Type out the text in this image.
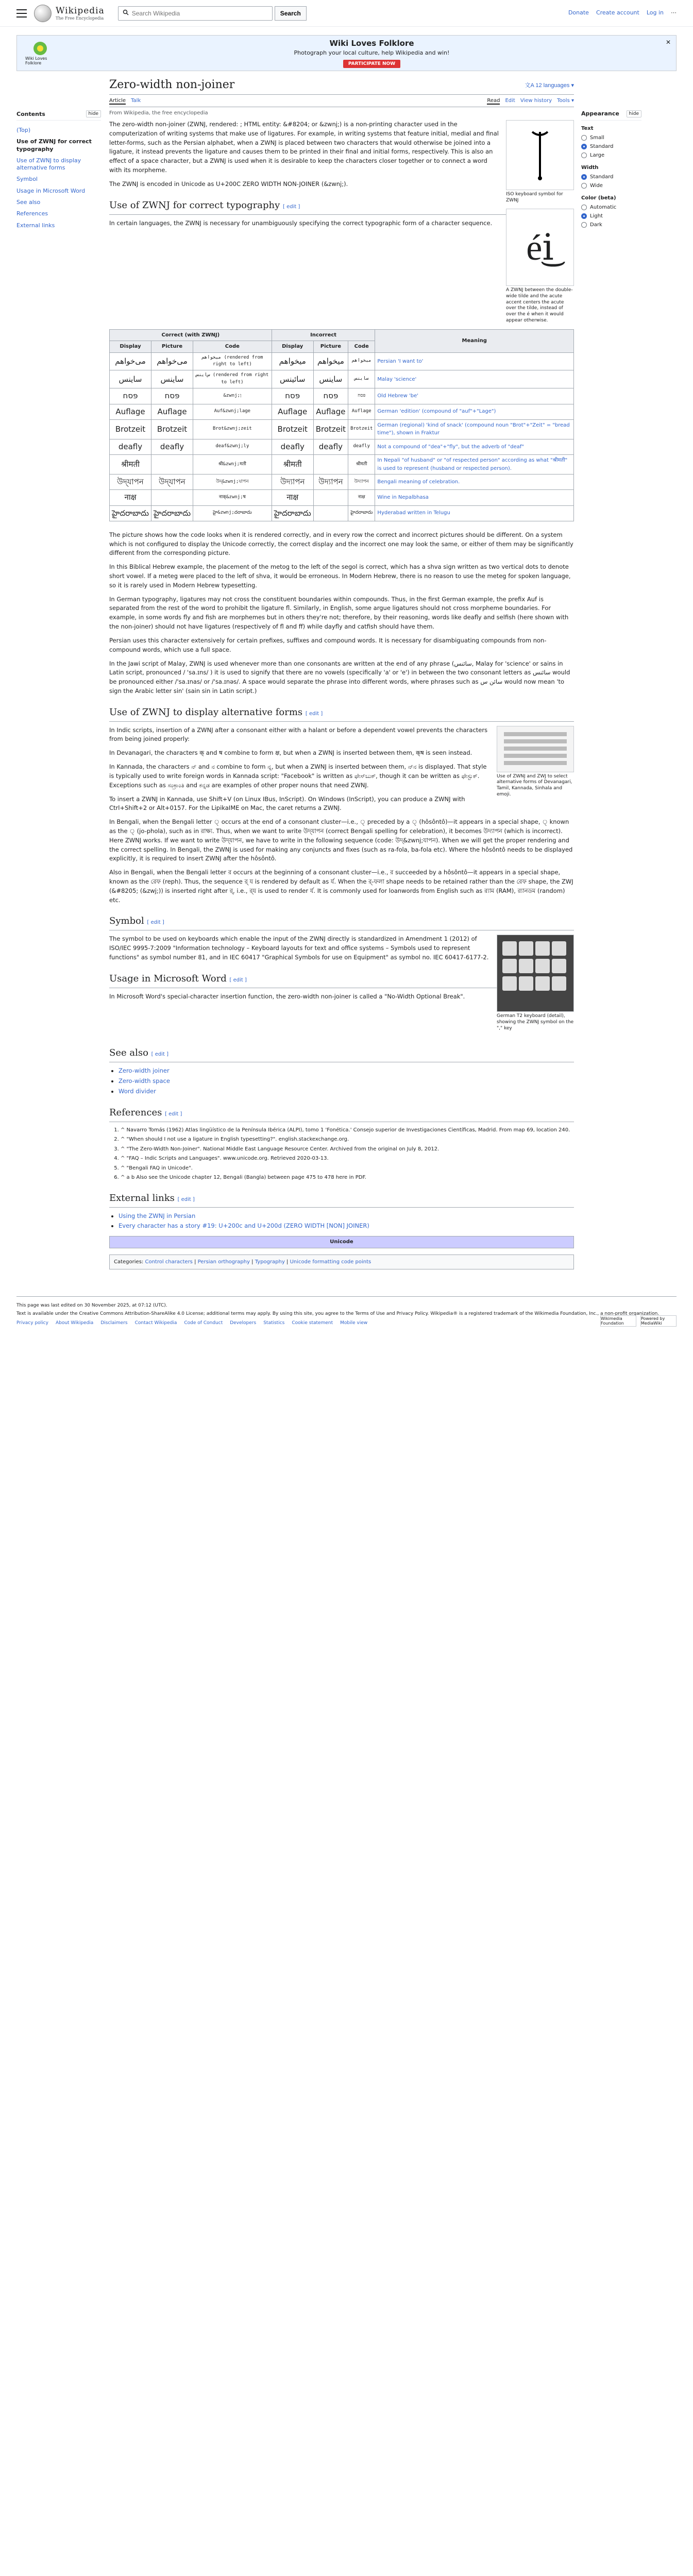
Wikipedia
The Free Encyclopedia
Search Wikipedia
Search	Donate Create account Log in ⋯
Wiki Loves Folklore
Wiki Loves Folklore
Photograph your local culture, help Wikipedia and win!
PARTICIPATE NOW
✕
Contents	hide
(Top)
Use of ZWNJ for correct typography
Use of ZWNJ to display alternative forms
Symbol
Usage in Microsoft Word
See also
References
External links
Zero-width non-joiner	文A 12 languages ▾
Article Talk	Read Edit View history Tools ▾
From Wikipedia, the free encyclopedia
ISO keyboard symbol for ZWNJ
é͜i
A ZWNJ between the double-wide tilde and the acute accent centers the acute over the tilde, instead of over the é when it would appear otherwise.

The zero-width non-joiner (ZWNJ, rendered: ‌; HTML entity: &#8204; or &zwnj;) is a non-printing character used in the computerization of writing systems that make use of ligatures. For example, in writing systems that feature initial, medial and final letter-forms, such as the Persian alphabet, when a ZWNJ is placed between two characters that would otherwise be joined into a ligature, it instead prevents the ligature and causes them to be printed in their final and initial forms, respectively. This is also an effect of a space character, but a ZWNJ is used when it is desirable to keep the characters closer together or to connect a word with its morpheme.

The ZWNJ is encoded in Unicode as U+200C ZERO WIDTH NON-JOINER (&zwnj;).

Use of ZWNJ for correct typography [ edit ]

In certain languages, the ZWNJ is necessary for unambiguously specifying the correct typographic form of a character sequence.

Correct (with ZWNJ)			Incorrect			Meaning
Display	Picture	Code	Display	Picture	Code	
می‌خواهم	می‌خواهم	میخواهم‌ (rendered from right to left)	میخواهم	میخواهم	میخواهم	Persian 'I want to'
ساینس	ساینس	س‌اینس (rendered from right to left)	سائینس	ساينس	ساينس	Malay 'science'
פּסח	פּסח	&zwnj;ן	פּסח	פּסח	פּסח	Old Hebrew 'be'
Auflage	Auflage	Auf&zwnj;lage	Auflage	Auflage	Auflage	German 'edition' (compound of "auf"+"Lage")
Brotzeit	Brotzeit	Brot&zwnj;zeit	Brotzeit	Brotzeit	Brotzeit	German (regional) 'kind of snack' (compound noun "Brot"+"Zeit" = "bread time"), shown in Fraktur
deafly	deafly	deaf&zwnj;ly	deafly	deafly	deafly	Not a compound of "dea"+"fly", but the adverb of "deaf"
श्रीमती		श्री&zwnj;मती	श्रीमती		श्रीमती	In Nepali "of husband" or "of respected person" according as what "श्रीमती" is used to represent (husband or respected person).
উদ্‌যাপন	উদ্‌যাপন	উদ্&zwnj;যাপন	উদ্যাপন	উদ্যাপন	উদ্যাপন	Bengali meaning of celebration.
नाक्ष		नाक्&zwnj;ष	नाक्ष		नाक्ष	Wine in Nepalbhasa
హైదరాబాదు	హైదరాబాదు	హై&zwnj;దరాబాదు	హైదరాబాదు		హైదరాబాదు	Hyderabad written in Telugu

The picture shows how the code looks when it is rendered correctly, and in every row the correct and incorrect pictures should be different. On a system which is not configured to display the Unicode correctly, the correct display and the incorrect one may look the same, or either of them may be significantly different from the corresponding picture.

In this Biblical Hebrew example, the placement of the metog to the left of the segol is correct, which has a shva sign written as two vertical dots to denote short vowel. If a meteg were placed to the left of shva, it would be erroneous. In Modern Hebrew, there is no reason to use the meteg for spoken language, so it is rarely used in Modern Hebrew typesetting.

In German typography, ligatures may not cross the constituent boundaries within compounds. Thus, in the first German example, the prefix Auf is separated from the rest of the word to prohibit the ligature fl. Similarly, in English, some argue ligatures should not cross morpheme boundaries. For example, in some words fly and fish are morphemes but in others they're not; therefore, by their reasoning, words like deafly and selfish (here shown with the non-joiner) should not have ligatures (respectively of fl and ff) while dayfly and catfish should have them.

Persian uses this character extensively for certain prefixes, suffixes and compound words. It is necessary for disambiguating compounds from non-compound words, which use a full space.

In the Jawi script of Malay, ZWNJ is used whenever more than one consonants are written at the end of any phrase (سائنس, Malay for 'science' or sains in Latin script, pronounced / 'sa.ɪns/ ) it is used to signify that there are no vowels (specifically 'a' or 'e') in between the two consonant letters as سائنس would be pronounced either /'sa.ɪnas/ or /'sa.ɪnəs/. A space would separate the phrase into different words, where phrases such as سائن س would now mean 'to sign the Arabic letter sin' (sain sin in Latin script.)

Use of ZWNJ to display alternative forms [ edit ]
Use of ZWNJ and ZWJ to select alternative forms of Devanagari, Tamil, Kannada, Sinhala and emoji.

In Indic scripts, insertion of a ZWNJ after a consonant either with a halant or before a dependent vowel prevents the characters from being joined properly:

In Devanagari, the characters क् and ष combine to form क्ष, but when a ZWNJ is inserted between them, क्‌ष is seen instead.

In Kannada, the characters ನ್ and ನ combine to form ನ್ನ, but when a ZWNJ is inserted between them, ನ್‌ನ is displayed. That style is typically used to write foreign words in Kannada script: "Facebook" is written as ಫೇಸ್‌ಬುಕ್, though it can be written as ಫೇಸ್ಬುಕ್. Exceptions such as ಸಂಕ್ರಾಂತಿ and ಕನ್ನಡ are examples of other proper nouns that need ZWNJ.

To insert a ZWNJ in Kannada, use Shift+V (on Linux IBus, InScript). On Windows (InScript), you can produce a ZWNJ with Ctrl+Shift+2 or Alt+0157. For the LipikaIME on Mac, the caret returns a ZWNJ.

In Bengali, when the Bengali letter ্ occurs at the end of a consonant cluster—i.e., ্ preceded by a ্ (hôsôntô)—it appears in a special shape, ্ known as the ্ (jo-phola), such as in রাক্ষ্য. Thus, when we want to write উদ্‌যাপন (correct Bengali spelling for celebration), it becomes উদ্যাপন (which is incorrect). Here ZWNJ works. If we want to write উদ্‌যাপন, we have to write in the following sequence (code: উদ্&zwnj;যাপন). When we will get the proper rendering and the correct spelling. In Bengali, the ZWNJ is used for making any conjuncts and fixes (such as ra-fola, ba-fola etc). Where the hôsôntô needs to be displayed explicitly, it is required to insert ZWNJ after the hôsôntô.

Also in Bengali, when the Bengali letter র occurs at the beginning of a consonant cluster—i.e., র succeeded by a hôsôntô—it appears in a special shape, known as the রেফ (reph). Thus, the sequence র্ য is rendered by default as র্য. When the র্-ফলা shape needs to be retained rather than the রেফ shape, the ZWJ (&#8205; (&zwj;)) is inserted right after র্, i.e., র্‌য is used to render র্য. It is commonly used for loanwords from English such as র‌্যাম (RAM), র‌্যানডম (random) etc.

Symbol [ edit ]
German T2 keyboard (detail), showing the ZWNJ symbol on the "," key

The symbol to be used on keyboards which enable the input of the ZWNJ directly is standardized in Amendment 1 (2012) of ISO/IEC 9995-7:2009 "Information technology – Keyboard layouts for text and office systems – Symbols used to represent functions" as symbol number 81, and in IEC 60417 "Graphical Symbols for use on Equipment" as symbol no. IEC 60417-6177-2.

Usage in Microsoft Word [ edit ]

In Microsoft Word's special-character insertion function, the zero-width non-joiner is called a "No-Width Optional Break".

See also [ edit ]
• Zero-width joiner
• Zero-width space
• Word divider
References [ edit ]
1. ^ Navarro Tomás (1962) Atlas lingüístico de la Península Ibérica (ALPI), tomo 1 'Fonética.' Consejo superior de Investigaciones Científicas, Madrid. From map 69, location 240.
2. ^ "When should I not use a ligature in English typesetting?". english.stackexchange.org.
3. ^ "The Zero-Width Non-Joiner". National Middle East Language Resource Center. Archived from the original on July 8, 2012.
4. ^ "FAQ – Indic Scripts and Languages". www.unicode.org. Retrieved 2020-03-13.
5. ^ "Bengali FAQ in Unicode".
6. ^ a b Also see the Unicode chapter 12, Bengali (Bangla) between page 475 to 478 here in PDF.
External links [ edit ]
• Using the ZWNJ in Persian
• Every character has a story #19: U+200c and U+200d (ZERO WIDTH [NON] JOINER)
Unicode
Categories: Control characters | Persian orthography | Typography | Unicode formatting code points
Appearance	hide
Text
Small
Standard
Large
Width
Standard
Wide
Color (beta)
Automatic
Light
Dark

This page was last edited on 30 November 2025, at 07:12 (UTC).

Text is available under the Creative Commons Attribution-ShareAlike 4.0 License; additional terms may apply. By using this site, you agree to the Terms of Use and Privacy Policy. Wikipedia® is a registered trademark of the Wikimedia Foundation, Inc., a non-profit organization.

Privacy policy About Wikipedia Disclaimers Contact Wikipedia Code of Conduct Developers Statistics Cookie statement Mobile view
Wikimedia Foundation
Powered by MediaWiki
